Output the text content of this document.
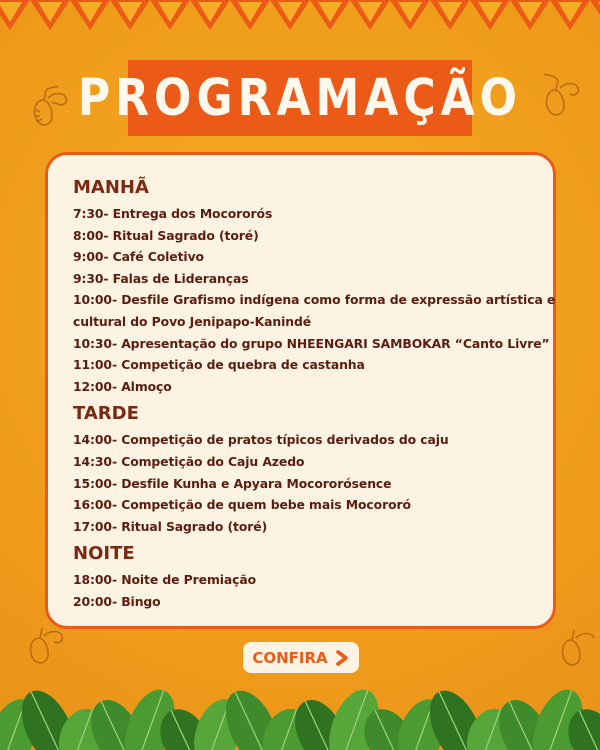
PROGRAMAÇÃO
MANHÃ
7:30- Entrega dos Mocororós
8:00- Ritual Sagrado (toré)
9:00- Café Coletivo
9:30- Falas de Lideranças
10:00- Desfile Grafismo indígena como forma de expressão artística e
cultural do Povo Jenipapo-Kanindé
10:30- Apresentação do grupo NHEENGARI SAMBOKAR “Canto Livre”
11:00- Competição de quebra de castanha
12:00- Almoço
TARDE
14:00- Competição de pratos típicos derivados do caju
14:30- Competição do Caju Azedo
15:00- Desfile Kunha e Apyara Mocororósence
16:00- Competição de quem bebe mais Mocororó
17:00- Ritual Sagrado (toré)
NOITE
18:00- Noite de Premiação
20:00- Bingo
CONFIRA
